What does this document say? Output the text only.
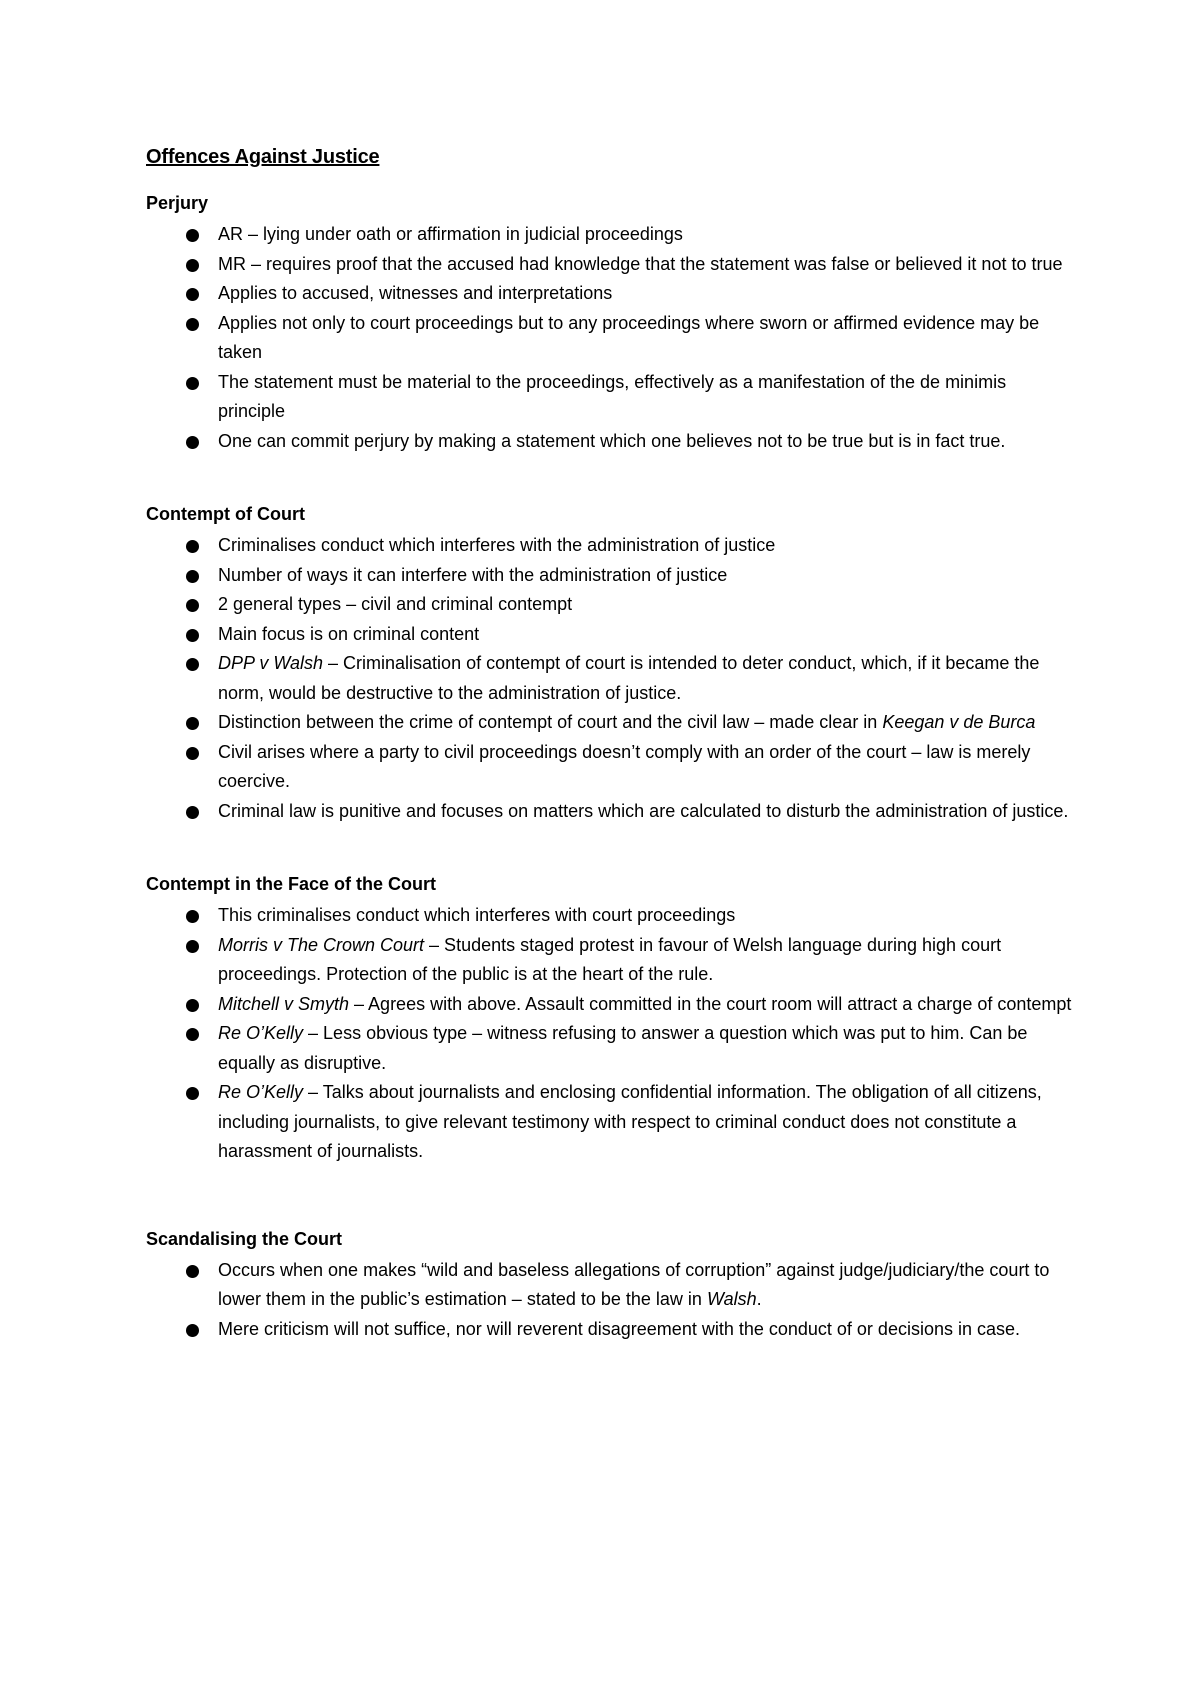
Offences Against Justice
Perjury
AR – lying under oath or affirmation in judicial proceedings
MR – requires proof that the accused had knowledge that the statement was false or believed it not to true
Applies to accused, witnesses and interpretations
Applies not only to court proceedings but to any proceedings where sworn or affirmed evidence may be taken
The statement must be material to the proceedings, effectively as a manifestation of the de minimis principle
One can commit perjury by making a statement which one believes not to be true but is in fact true.
Contempt of Court
Criminalises conduct which interferes with the administration of justice
Number of ways it can interfere with the administration of justice
2 general types – civil and criminal contempt
Main focus is on criminal content
DPP v Walsh – Criminalisation of contempt of court is intended to deter conduct, which, if it became the norm, would be destructive to the administration of justice.
Distinction between the crime of contempt of court and the civil law – made clear in Keegan v de Burca
Civil arises where a party to civil proceedings doesn’t comply with an order of the court – law is merely coercive.
Criminal law is punitive and focuses on matters which are calculated to disturb the administration of justice.
Contempt in the Face of the Court
This criminalises conduct which interferes with court proceedings
Morris v The Crown Court – Students staged protest in favour of Welsh language during high court proceedings. Protection of the public is at the heart of the rule.
Mitchell v Smyth – Agrees with above. Assault committed in the court room will attract a charge of contempt
Re O’Kelly – Less obvious type – witness refusing to answer a question which was put to him. Can be equally as disruptive.
Re O’Kelly – Talks about journalists and enclosing confidential information. The obligation of all citizens, including journalists, to give relevant testimony with respect to criminal conduct does not constitute a harassment of journalists.
Scandalising the Court
Occurs when one makes “wild and baseless allegations of corruption” against judge/judiciary/the court to lower them in the public’s estimation – stated to be the law in Walsh.
Mere criticism will not suffice, nor will reverent disagreement with the conduct of or decisions in case.
